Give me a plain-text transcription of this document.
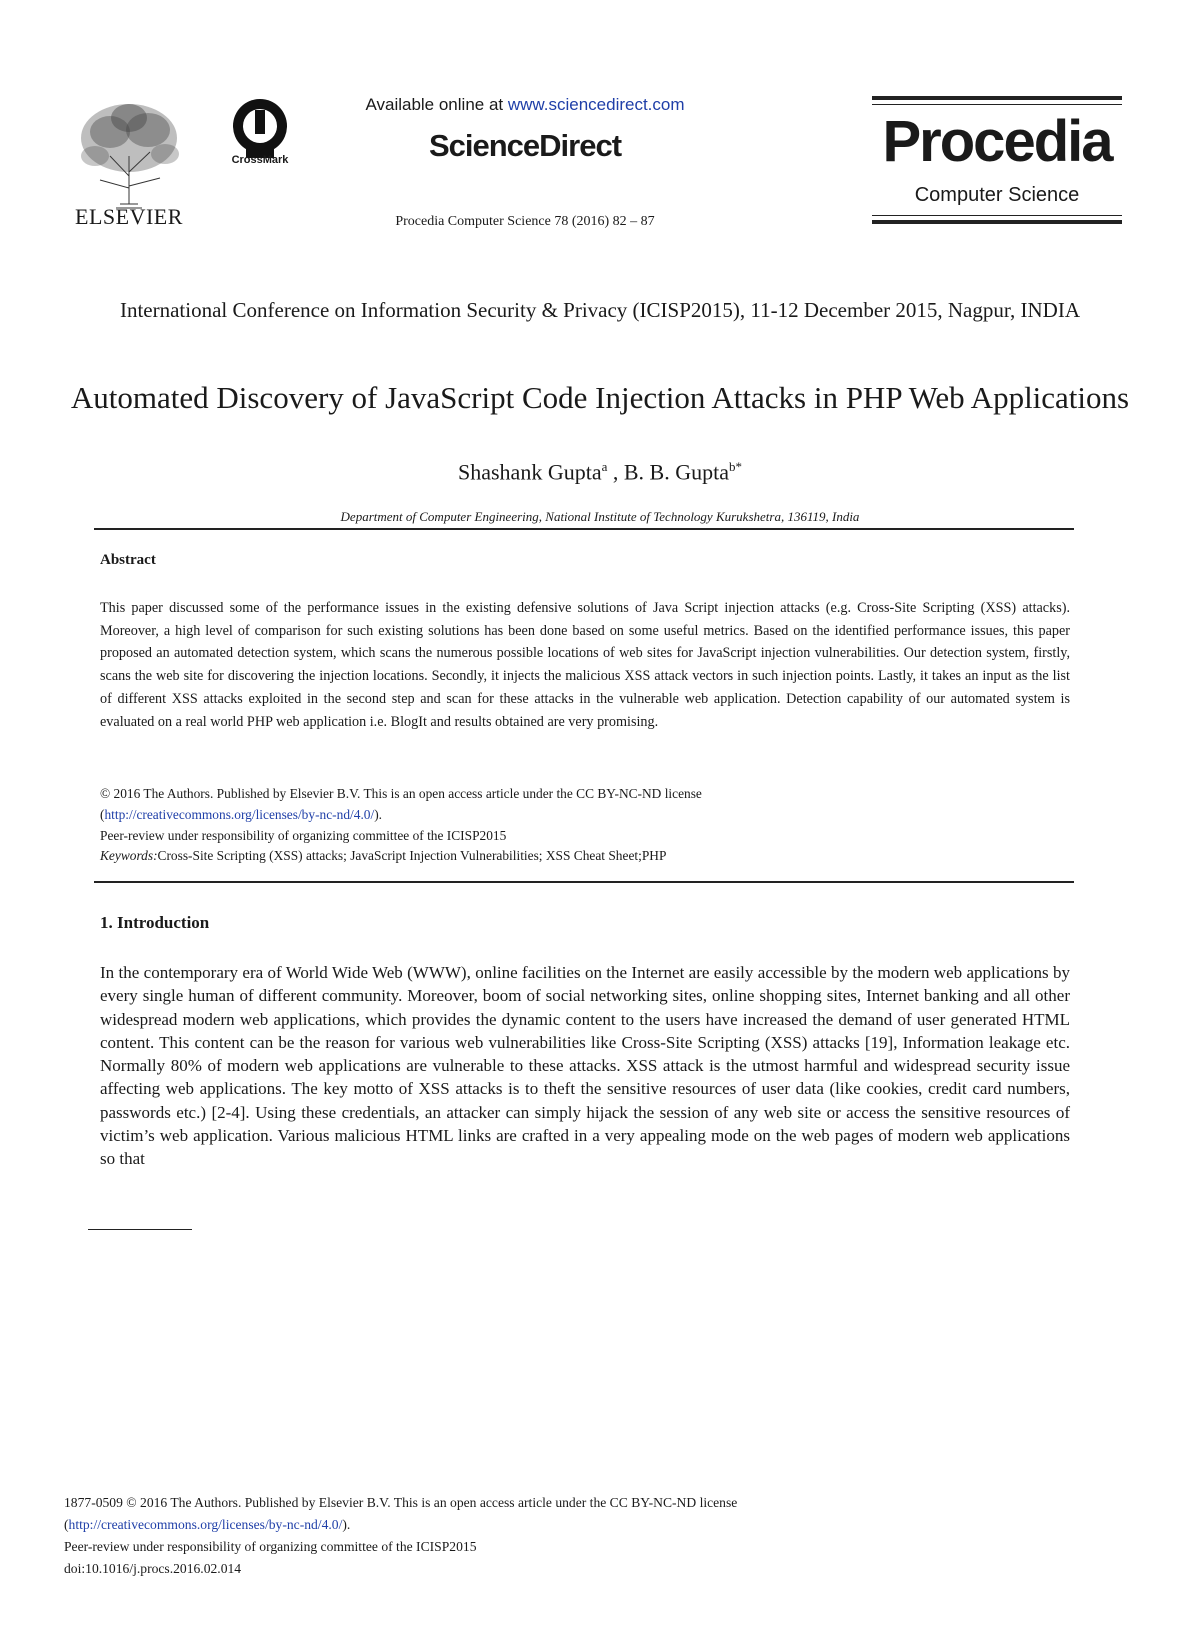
ELSEVIER
CrossMark
Available online at www.sciencedirect.com
ScienceDirect
Procedia Computer Science 78 (2016) 82 – 87
Procedia
Computer Science
International Conference on Information Security & Privacy (ICISP2015), 11-12 December 2015, Nagpur, INDIA
Automated Discovery of JavaScript Code Injection Attacks in PHP Web Applications
Shashank Gupta$^a$ , B. B. Gupta$^{b*}$
Department of Computer Engineering, National Institute of Technology Kurukshetra, 136119, India
Abstract
This paper discussed some of the performance issues in the existing defensive solutions of Java Script injection attacks (e.g. Cross-Site Scripting (XSS) attacks). Moreover, a high level of comparison for such existing solutions has been done based on some useful metrics. Based on the identified performance issues, this paper proposed an automated detection system, which scans the numerous possible locations of web sites for JavaScript injection vulnerabilities. Our detection system, firstly, scans the web site for discovering the injection locations. Secondly, it injects the malicious XSS attack vectors in such injection points. Lastly, it takes an input as the list of different XSS attacks exploited in the second step and scan for these attacks in the vulnerable web application. Detection capability of our automated system is evaluated on a real world PHP web application i.e. BlogIt and results obtained are very promising.
© 2016 The Authors. Published by Elsevier B.V. This is an open access article under the CC BY-NC-ND license
(http://creativecommons.org/licenses/by-nc-nd/4.0/).
Peer-review under responsibility of organizing committee of the ICISP2015
Keywords:Cross-Site Scripting (XSS) attacks; JavaScript Injection Vulnerabilities; XSS Cheat Sheet;PHP
1. Introduction
In the contemporary era of World Wide Web (WWW), online facilities on the Internet are easily accessible by the modern web applications by every single human of different community. Moreover, boom of social networking sites, online shopping sites, Internet banking and all other widespread modern web applications, which provides the dynamic content to the users have increased the demand of user generated HTML content. This content can be the reason for various web vulnerabilities like Cross-Site Scripting (XSS) attacks [19], Information leakage etc. Normally 80% of modern web applications are vulnerable to these attacks. XSS attack is the utmost harmful and widespread security issue affecting web applications. The key motto of XSS attacks is to theft the sensitive resources of user data (like cookies, credit card numbers, passwords etc.) [2-4]. Using these credentials, an attacker can simply hijack the session of any web site or access the sensitive resources of victim’s web application. Various malicious HTML links are crafted in a very appealing mode on the web pages of modern web applications so that
1877-0509 © 2016 The Authors. Published by Elsevier B.V. This is an open access article under the CC BY-NC-ND license
(http://creativecommons.org/licenses/by-nc-nd/4.0/).
Peer-review under responsibility of organizing committee of the ICISP2015
doi:10.1016/j.procs.2016.02.014
